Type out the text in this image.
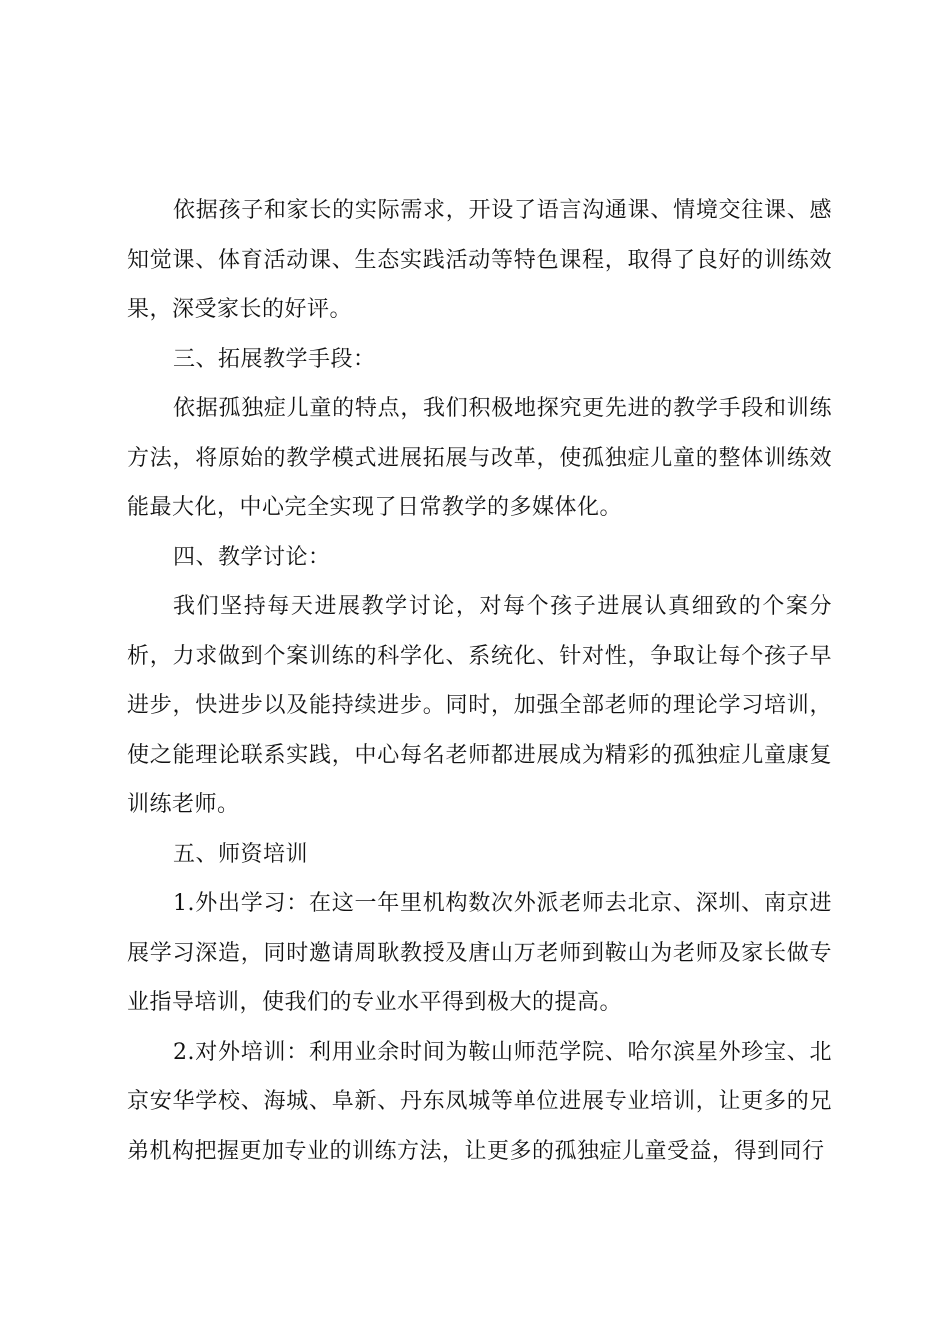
依据孩子和家长的实际需求，开设了语言沟通课、情境交往课、感知觉课、体育活动课、生态实践活动等特色课程，取得了良好的训练效果，深受家长的好评。

三、拓展教学手段：

依据孤独症儿童的特点，我们积极地探究更先进的教学手段和训练方法，将原始的教学模式进展拓展与改革，使孤独症儿童的整体训练效能最大化，中心完全实现了日常教学的多媒体化。

四、教学讨论：

我们坚持每天进展教学讨论，对每个孩子进展认真细致的个案分析，力求做到个案训练的科学化、系统化、针对性，争取让每个孩子早进步，快进步以及能持续进步。同时，加强全部老师的理论学习培训，使之能理论联系实践，中心每名老师都进展成为精彩的孤独症儿童康复训练老师。

五、师资培训

1.外出学习：在这一年里机构数次外派老师去北京、深圳、南京进展学习深造，同时邀请周耿教授及唐山万老师到鞍山为老师及家长做专业指导培训，使我们的专业水平得到极大的提高。

2.对外培训：利用业余时间为鞍山师范学院、哈尔滨星外珍宝、北京安华学校、海城、阜新、丹东凤城等单位进展专业培训，让更多的兄弟机构把握更加专业的训练方法，让更多的孤独症儿童受益，得到同行
